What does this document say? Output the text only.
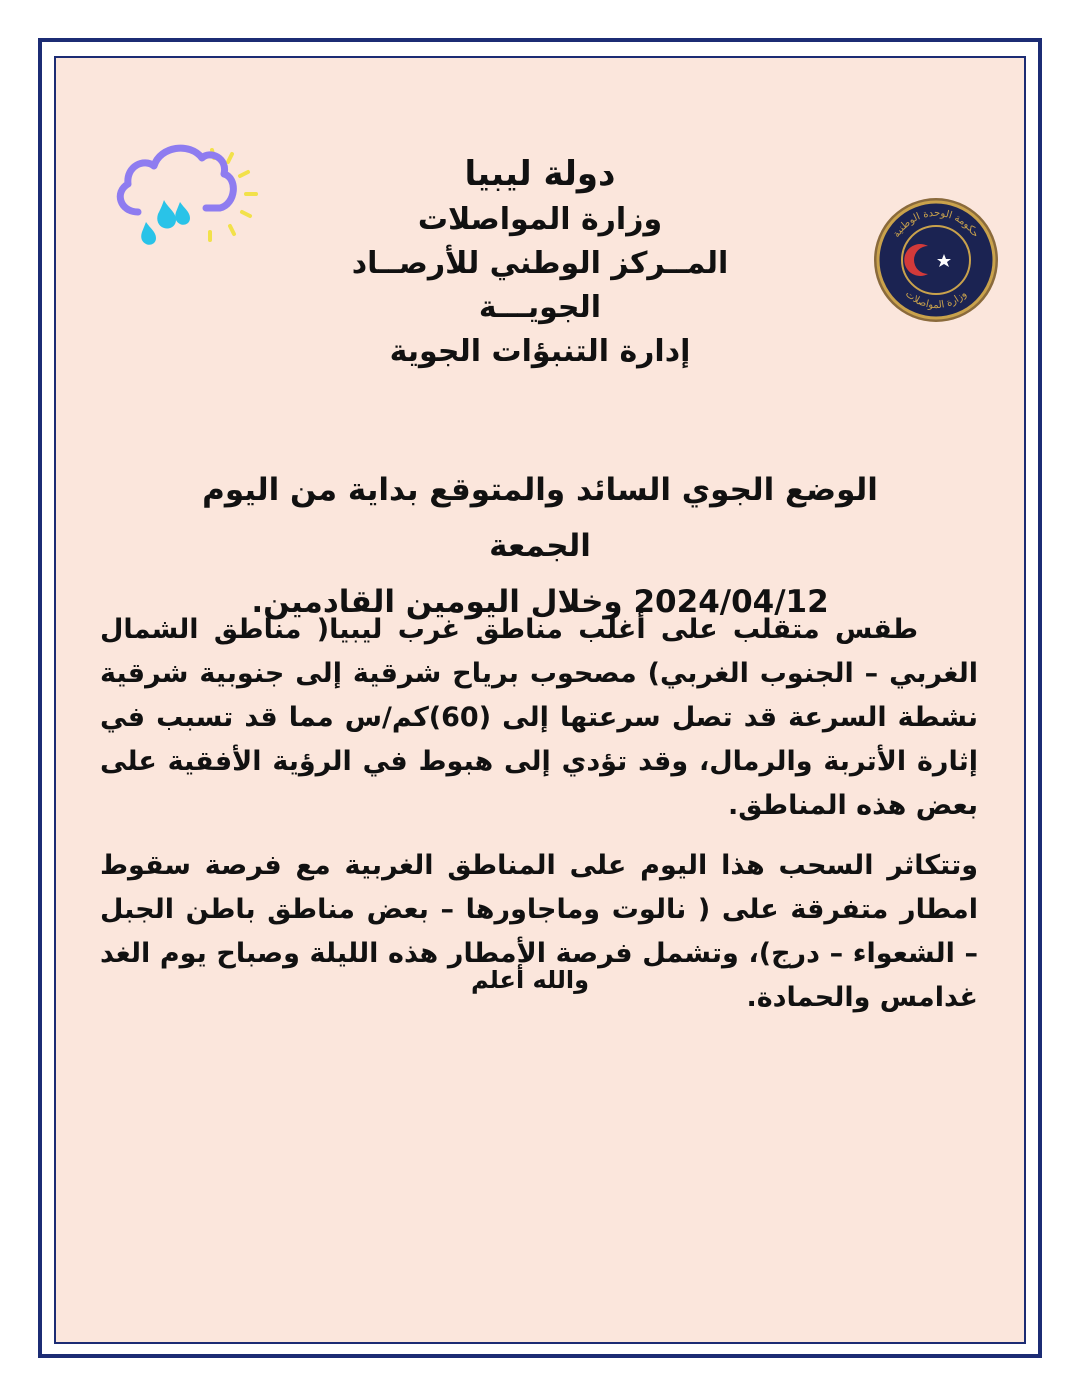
حكومة الوحدة الوطنية
وزارة المواصلات
دولة ليبيا
وزارة المواصلات
المــركز الوطني للأرصــاد الجويـــة
إدارة التنبؤات الجوية
الوضع الجوي السائد والمتوقع بداية من اليوم الجمعة
2024/04/12 وخلال اليومين القادمين.

طقس متقلب على أغلب مناطق غرب ليبيا( مناطق الشمال الغربي – الجنوب الغربي) مصحوب برياح شرقية إلى جنوبية شرقية نشطة السرعة قد تصل سرعتها إلى (60)كم/س مما قد تسبب في إثارة الأتربة والرمال، وقد تؤدي إلى هبوط في الرؤية الأفقية على بعض هذه المناطق.

وتتكاثر السحب هذا اليوم على المناطق الغربية مع فرصة سقوط امطار متفرقة على ( نالوت وماجاورها – بعض مناطق باطن الجبل – الشعواء – درج)، وتشمل فرصة الأمطار هذه الليلة وصباح يوم الغد غدامس والحمادة.

والله أعلم
